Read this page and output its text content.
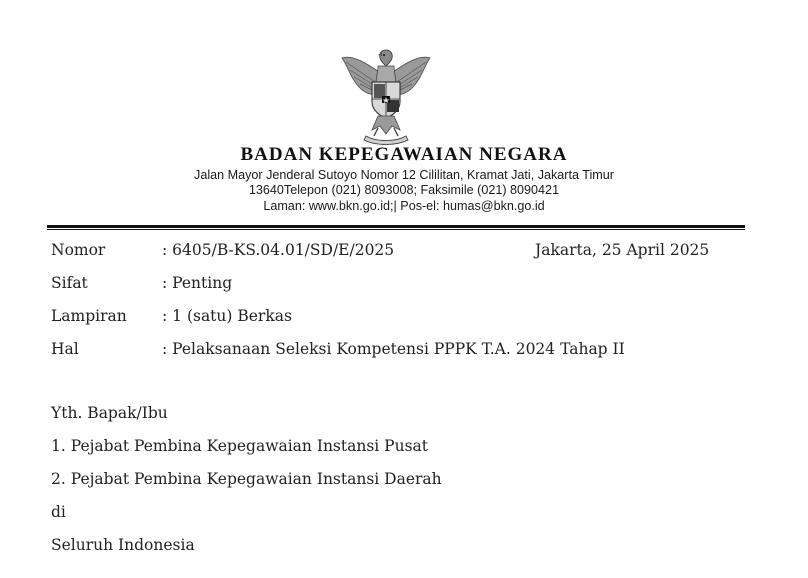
BADAN KEPEGAWAIAN NEGARA
Jalan Mayor Jenderal Sutoyo Nomor 12 Cililitan, Kramat Jati, Jakarta Timur
13640Telepon (021) 8093008; Faksimile (021) 8090421
Laman: www.bkn.go.id;| Pos-el: humas@bkn.go.id
Nomor	: 6405/B-KS.04.01/SD/E/2025	Jakarta, 25 April 2025
Sifat	: Penting
Lampiran : 1 (satu) Berkas
Hal	: Pelaksanaan Seleksi Kompetensi PPPK T.A. 2024 Tahap II
Yth. Bapak/Ibu
1. Pejabat Pembina Kepegawaian Instansi Pusat
2. Pejabat Pembina Kepegawaian Instansi Daerah
di
Seluruh Indonesia
